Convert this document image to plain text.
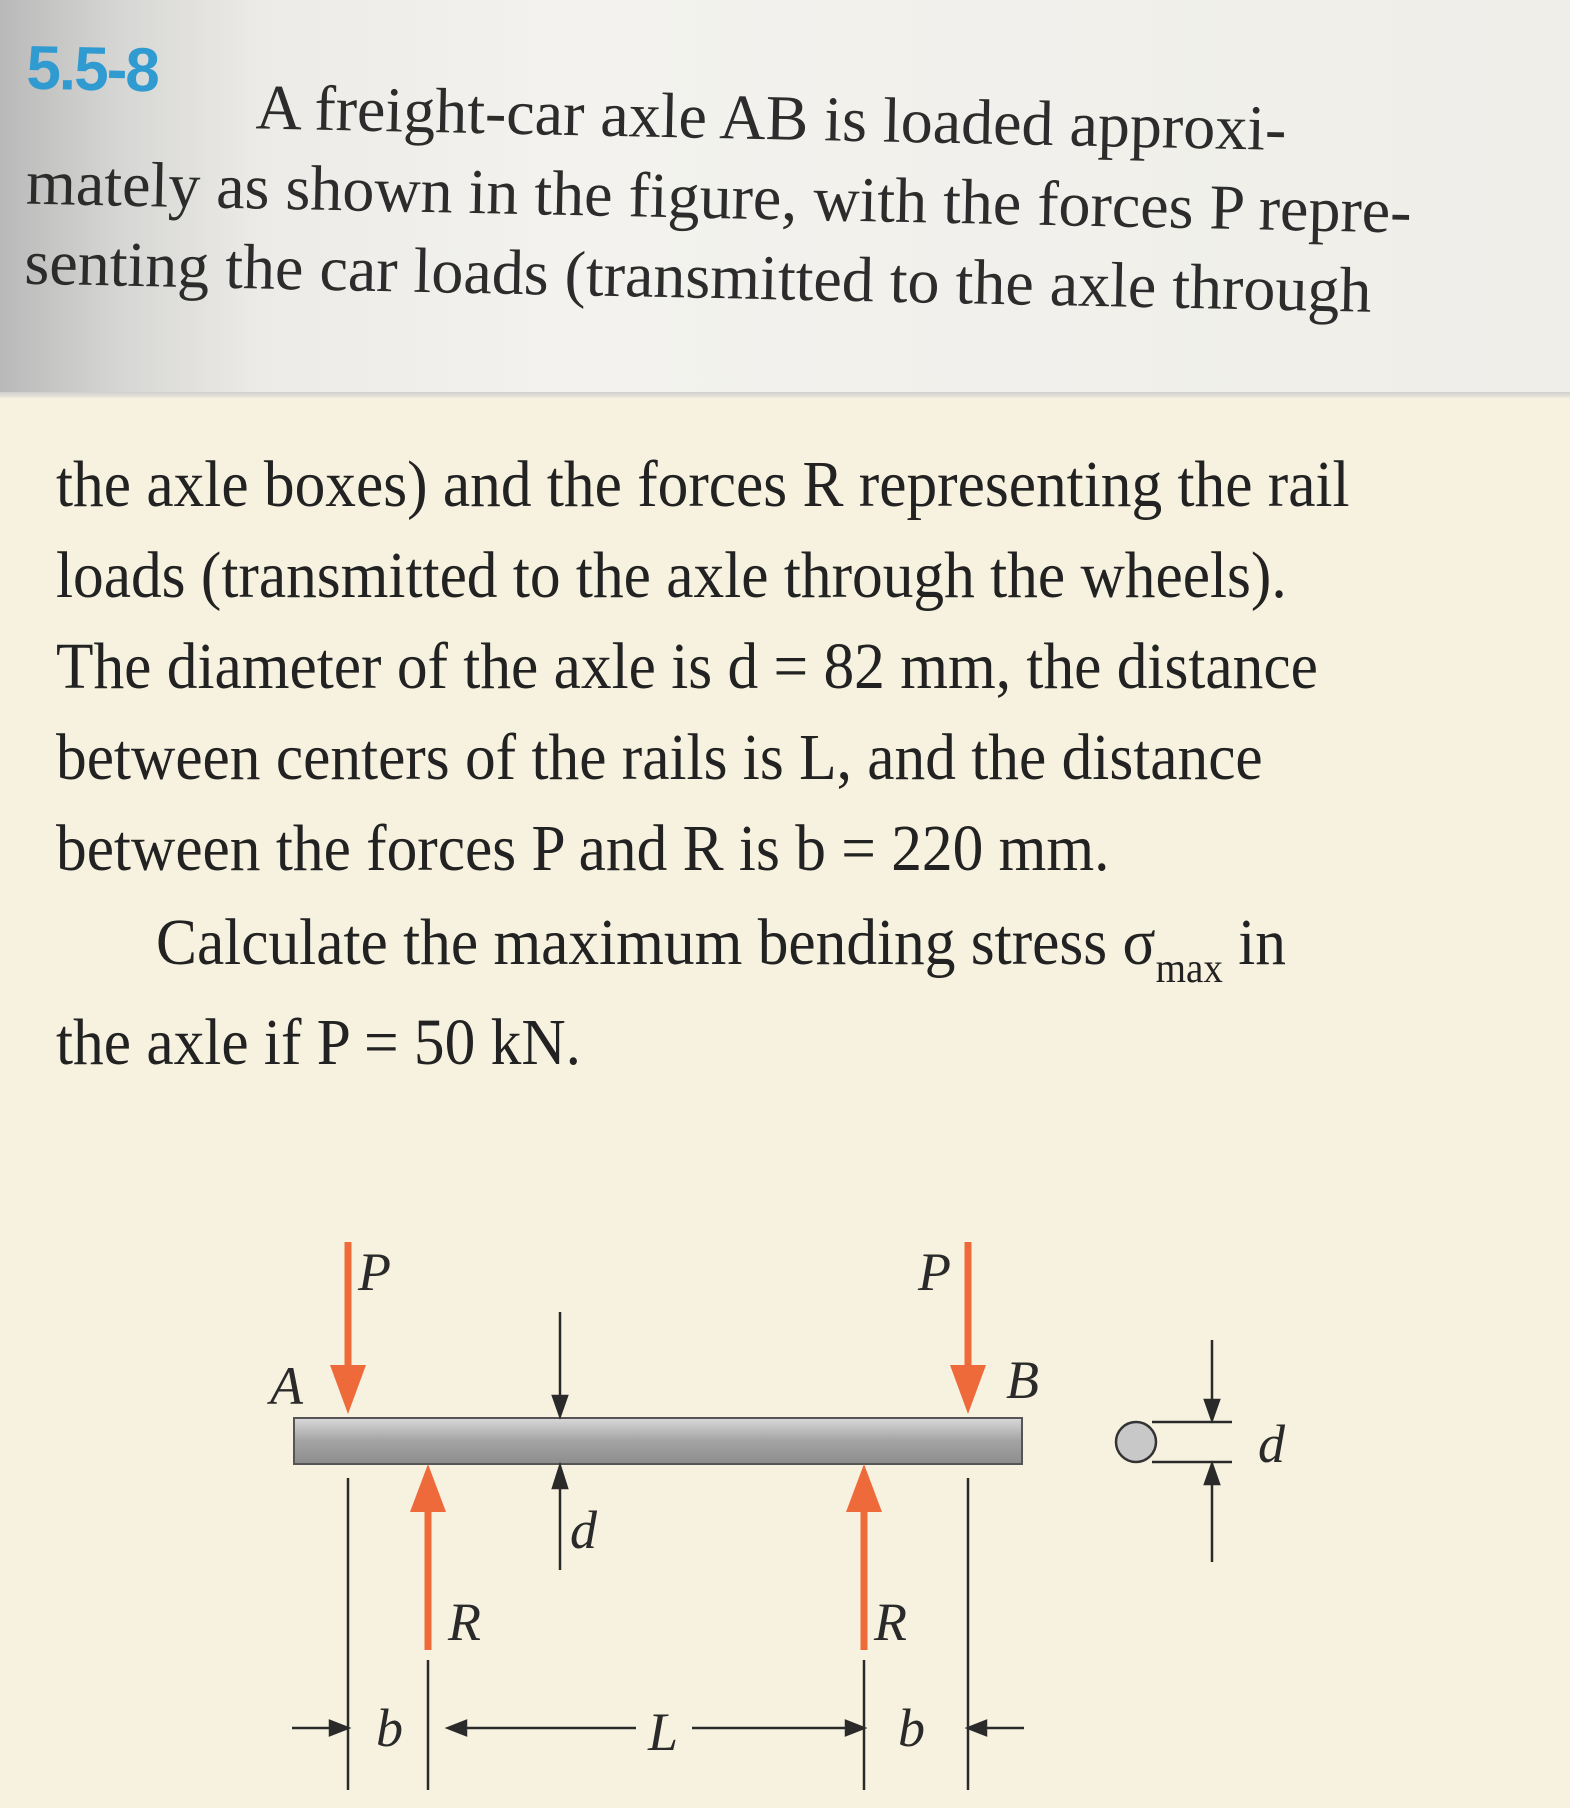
5.5-8
A freight-car axle AB is loaded approxi-
mately as shown in the figure, with the forces P repre-
senting the car loads (transmitted to the axle through
the axle boxes) and the forces R representing the rail
loads (transmitted to the axle through the wheels).
The diameter of the axle is d = 82 mm, the distance
between centers of the rails is L, and the distance
between the forces P and R is b = 220 mm.
Calculate the maximum bending stress $\sigma_{max}$ in
the axle if P = 50 kN.
P	P
A	B
R	R
d
b	L	b
d
